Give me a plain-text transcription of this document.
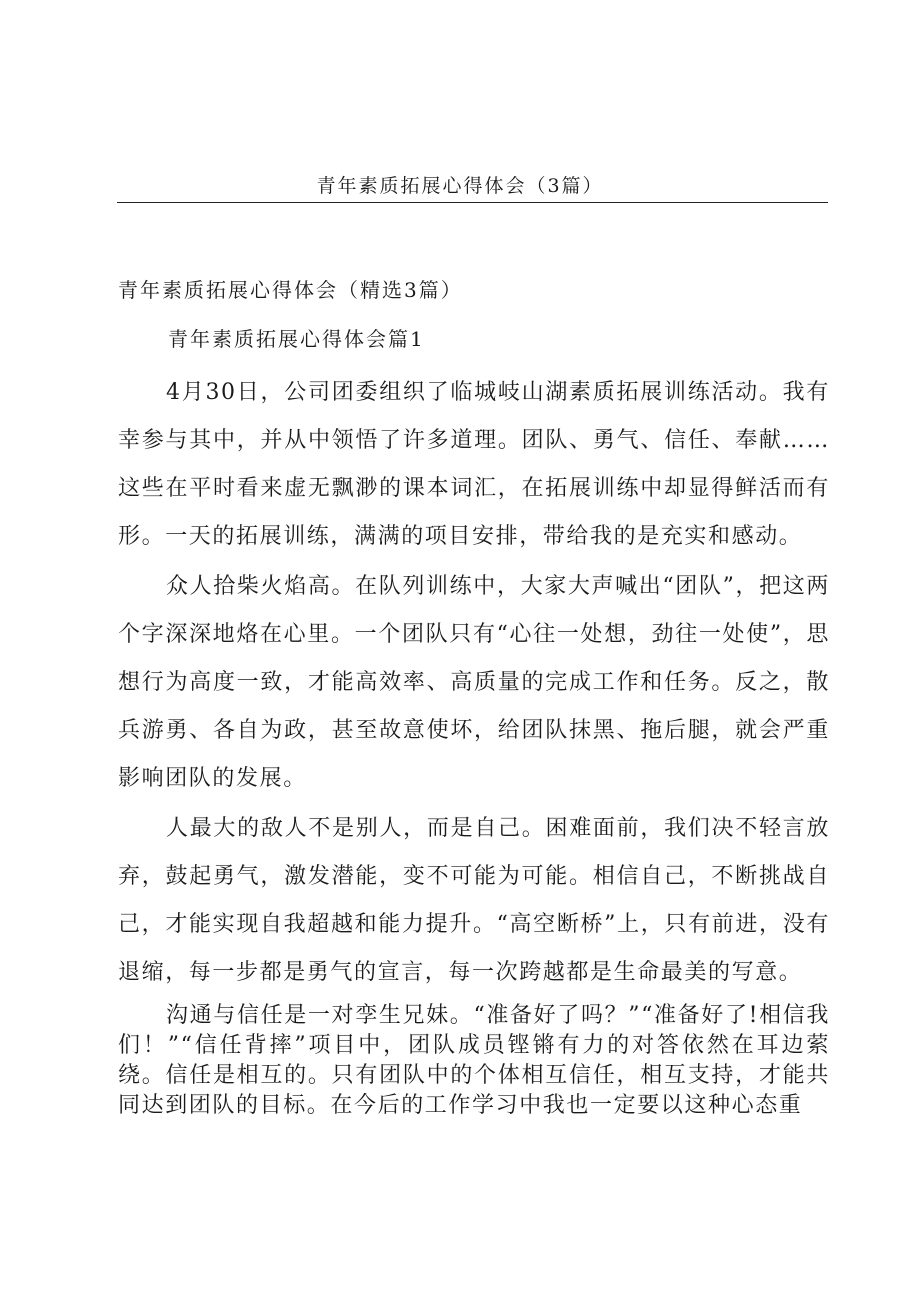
青年素质拓展心得体会（3篇）
青年素质拓展心得体会（精选3篇）
青年素质拓展心得体会篇1

4月30日，公司团委组织了临城岐山湖素质拓展训练活动。我有幸参与其中，并从中领悟了许多道理。团队、勇气、信任、奉献……这些在平时看来虚无飘渺的课本词汇，在拓展训练中却显得鲜活而有形。一天的拓展训练，满满的项目安排，带给我的是充实和感动。

众人拾柴火焰高。在队列训练中，大家大声喊出“团队”，把这两个字深深地烙在心里。一个团队只有“心往一处想，劲往一处使”，思想行为高度一致，才能高效率、高质量的完成工作和任务。反之，散兵游勇、各自为政，甚至故意使坏，给团队抹黑、拖后腿，就会严重影响团队的发展。

人最大的敌人不是别人，而是自己。困难面前，我们决不轻言放弃，鼓起勇气，激发潜能，变不可能为可能。相信自己，不断挑战自己，才能实现自我超越和能力提升。“高空断桥”上，只有前进，没有退缩，每一步都是勇气的宣言，每一次跨越都是生命最美的写意。

沟通与信任是一对孪生兄妹。“准备好了吗？”“准备好了!相信我们！”“信任背摔”项目中，团队成员铿锵有力的对答依然在耳边萦绕。信任是相互的。只有团队中的个体相互信任，相互支持，才能共同达到团队的目标。在今后的工作学习中我也一定要以这种心态重
